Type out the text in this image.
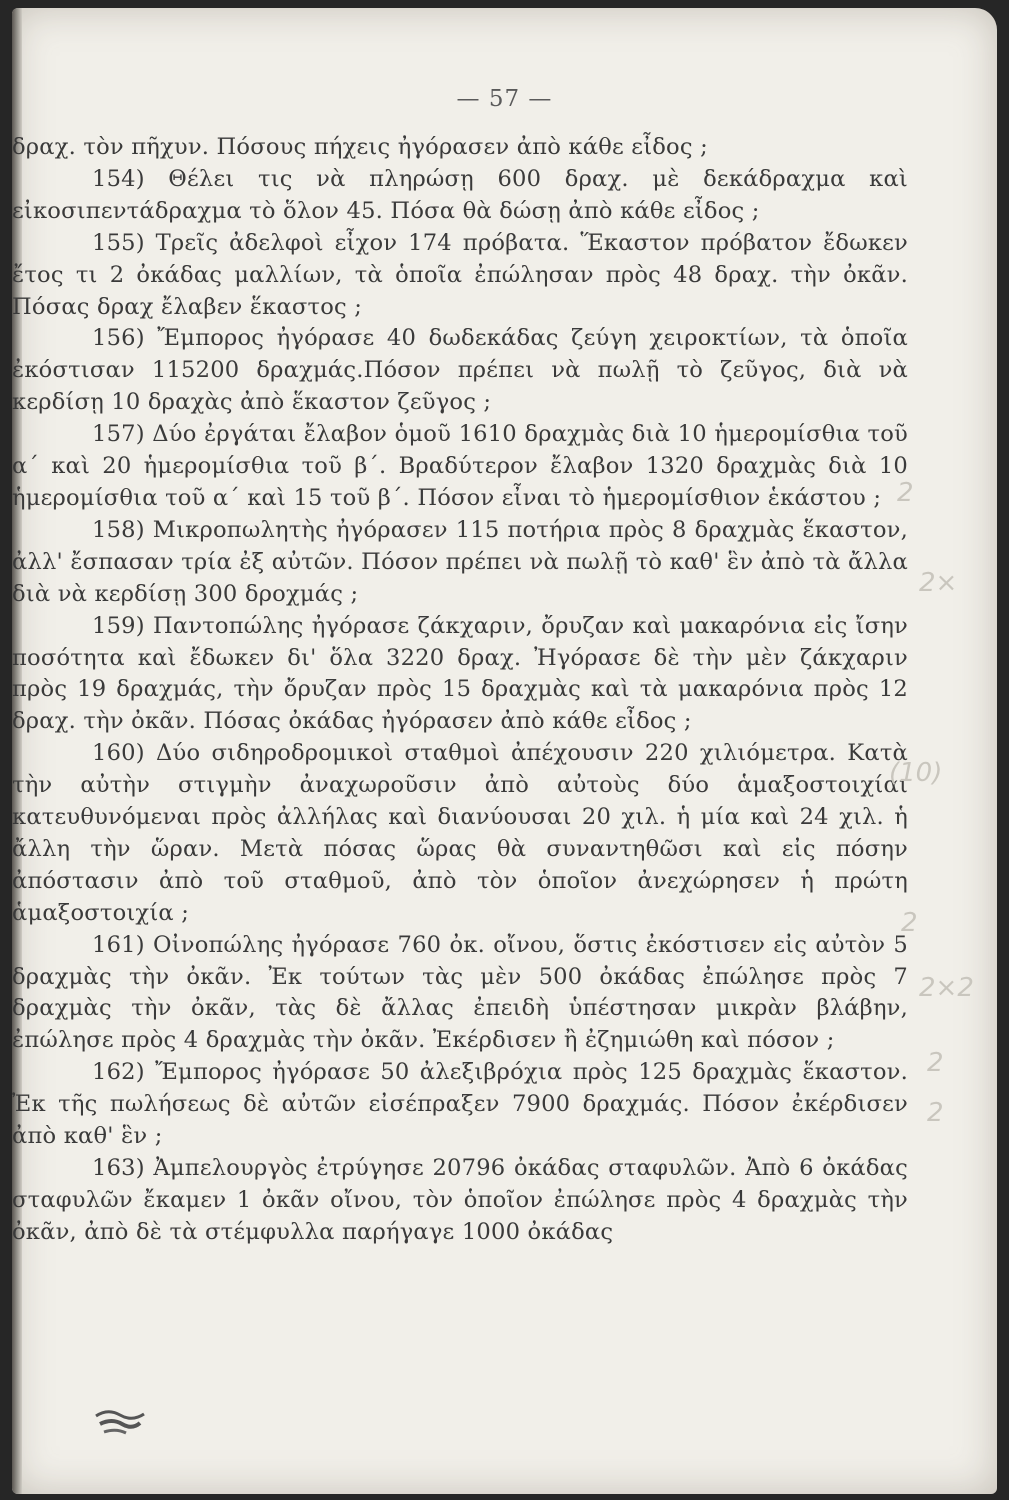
— 57 —

δραχ. τὸν πῆχυν. Πόσους πήχεις ἠγόρασεν ἀπὸ κάθε εἶδος ;

154) Θέλει τις νὰ πληρώσῃ 600 δραχ. μὲ δεκάδραχμα καὶ εἰκοσιπεντάδραχμα τὸ ὅλον 45. Πόσα θὰ δώσῃ ἀπὸ κάθε εἶδος ;

155) Τρεῖς ἀδελφοὶ εἶχον 174 πρόβατα. Ἕκαστον πρόβατον ἔδωκεν ἔτος τι 2 ὀκάδας μαλλίων, τὰ ὁποῖα ἐπώλησαν πρὸς 48 δραχ. τὴν ὀκᾶν. Πόσας δραχ ἔλαβεν ἕκαστος ;

156) Ἔμπορος ἠγόρασε 40 δωδεκάδας ζεύγη χειροκτίων, τὰ ὁποῖα ἐκόστισαν 115200 δραχμάς.Πόσον πρέπει νὰ πωλῇ τὸ ζεῦγος, διὰ νὰ κερδίσῃ 10 δραχὰς ἀπὸ ἕκαστον ζεῦγος ;

157) Δύο ἐργάται ἔλαβον ὁμοῦ 1610 δραχμὰς διὰ 10 ἡμερομίσθια τοῦ α΄ καὶ 20 ἡμερομίσθια τοῦ β΄. Βραδύτερον ἔλαβον 1320 δραχμὰς διὰ 10 ἡμερομίσθια τοῦ α΄ καὶ 15 τοῦ β΄. Πόσον εἶναι τὸ ἡμερομίσθιον ἑκάστου ;

158) Μικροπωλητὴς ἠγόρασεν 115 ποτήρια πρὸς 8 δραχμὰς ἕκαστον, ἀλλ' ἔσπασαν τρία ἐξ αὐτῶν. Πόσον πρέπει νὰ πωλῇ τὸ καθ' ἓν ἀπὸ τὰ ἄλλα διὰ νὰ κερδίσῃ 300 δροχμάς ;

159) Παντοπώλης ἠγόρασε ζάκχαριν, ὄρυζαν καὶ μακαρόνια εἰς ἴσην ποσότητα καὶ ἔδωκεν δι' ὅλα 3220 δραχ. Ἠγόρασε δὲ τὴν μὲν ζάκχαριν πρὸς 19 δραχμάς, τὴν ὄρυζαν πρὸς 15 δραχμὰς καὶ τὰ μακαρόνια πρὸς 12 δραχ. τὴν ὀκᾶν. Πόσας ὀκάδας ἠγόρασεν ἀπὸ κάθε εἶδος ;

160) Δύο σιδηροδρομικοὶ σταθμοὶ ἀπέχουσιν 220 χιλιόμετρα. Κατὰ τὴν αὐτὴν στιγμὴν ἀναχωροῦσιν ἀπὸ αὐτοὺς δύο ἁμαξοστοιχίαι κατευθυνόμεναι πρὸς ἀλλήλας καὶ διανύουσαι 20 χιλ. ἡ μία καὶ 24 χιλ. ἡ ἄλλη τὴν ὥραν. Μετὰ πόσας ὥρας θὰ συναντηθῶσι καὶ εἰς πόσην ἀπόστασιν ἀπὸ τοῦ σταθμοῦ, ἀπὸ τὸν ὁποῖον ἀνεχώρησεν ἡ πρώτη ἁμαξοστοιχία ;

161) Οἰνοπώλης ἠγόρασε 760 ὀκ. οἴνου, ὅστις ἐκόστισεν εἰς αὐτὸν 5 δραχμὰς τὴν ὀκᾶν. Ἐκ τούτων τὰς μὲν 500 ὀκάδας ἐπώλησε πρὸς 7 δραχμὰς τὴν ὀκᾶν, τὰς δὲ ἄλλας ἐπειδὴ ὑπέστησαν μικρὰν βλάβην, ἐπώλησε πρὸς 4 δραχμὰς τὴν ὀκᾶν. Ἐκέρδισεν ἢ ἐζημιώθη καὶ πόσον ;

162) Ἔμπορος ἠγόρασε 50 ἀλεξιβρόχια πρὸς 125 δραχμὰς ἕκαστον. Ἐκ τῆς πωλήσεως δὲ αὐτῶν εἰσέπραξεν 7900 δραχμάς. Πόσον ἐκέρδισεν ἀπὸ καθ' ἓν ;

163) Ἀμπελουργὸς ἐτρύγησε 20796 ὀκάδας σταφυλῶν. Ἀπὸ 6 ὀκάδας σταφυλῶν ἔκαμεν 1 ὀκᾶν οἴνου, τὸν ὁποῖον ἐπώλησε πρὸς 4 δραχμὰς τὴν ὀκᾶν, ἀπὸ δὲ τὰ στέμφυλλα παρήγαγε 1000 ὀκάδας

2
2×
(10)
2
2×2
2
2
